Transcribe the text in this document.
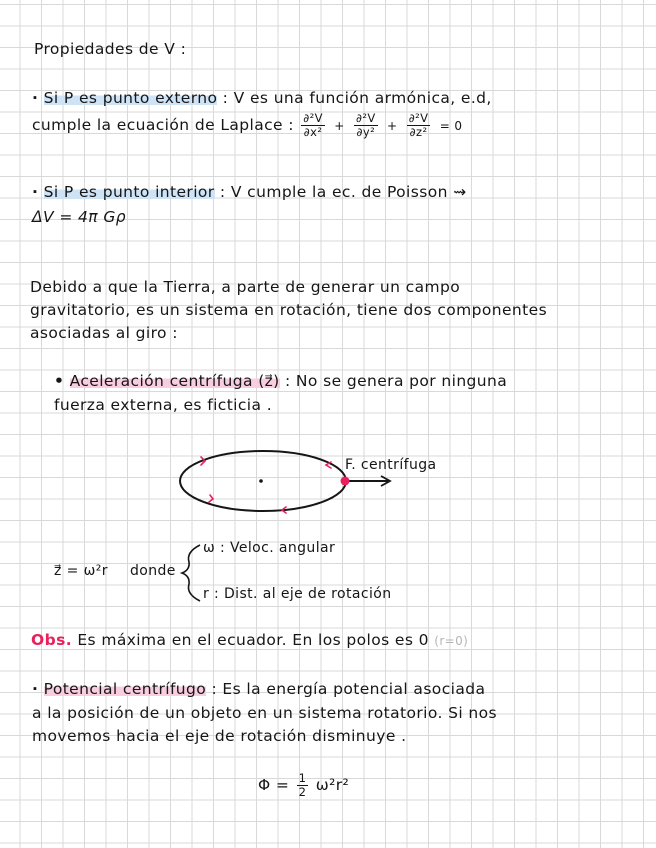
Propiedades de V :
· Si P es punto externo : V es una función armónica, e.d,
cumple la ecuación de Laplace : $\frac{\text{∂²V}}{\text{∂x²}} + \frac{\text{∂²V}}{\text{∂y²}} + \frac{\text{∂²V}}{\text{∂z²}} = 0$
· Si P es punto interior : V cumple la ec. de Poisson ⇝
ΔV = 4π Gρ
Debido a que la Tierra, a parte de generar un campo
gravitatorio, es un sistema en rotación, tiene dos componentes
asociadas al giro :
• Aceleración centrífuga (z⃗) : No se genera por ninguna
fuerza externa, es ficticia .
F. centrífuga
z⃗ = ω²r donde
ω : Veloc. angular
r : Dist. al eje de rotación
Obs. Es máxima en el ecuador. En los polos es 0 (r=0)
· Potencial centrífugo : Es la energía potencial asociada
a la posición de un objeto en un sistema rotatorio. Si nos
movemos hacia el eje de rotación disminuye .
$\Phi = \frac{1}{2} \omega^2r^2$
